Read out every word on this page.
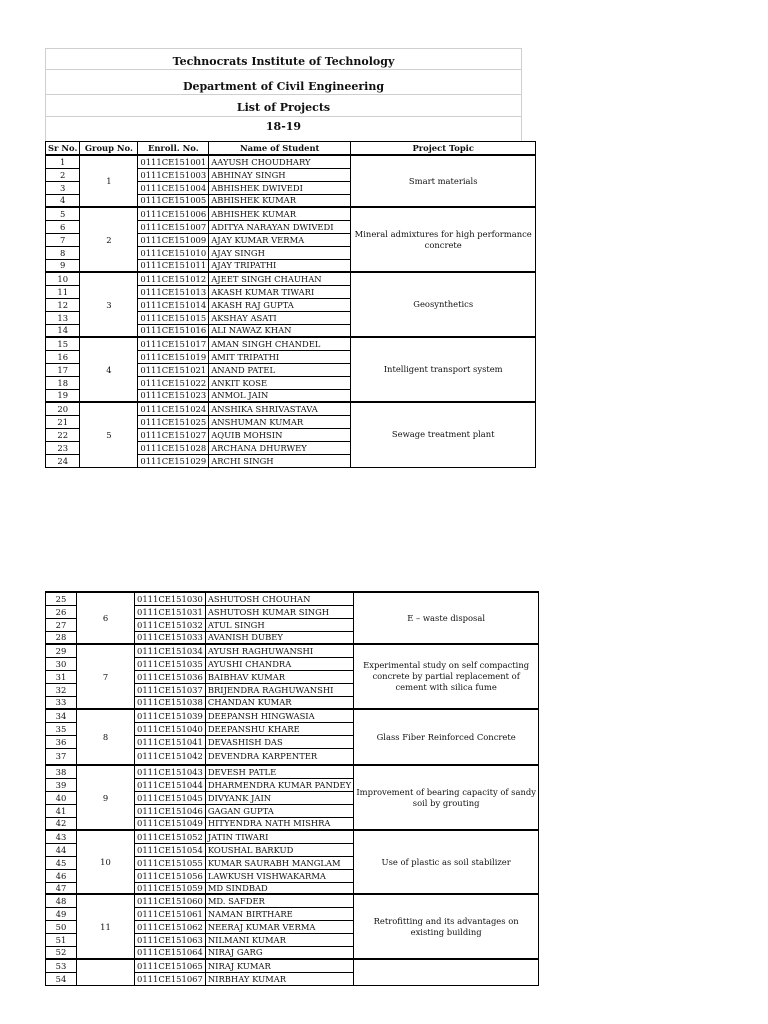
Technocrats Institute of Technology
Department of Civil Engineering
List of Projects
18-19
Sr No.	Group No.	Enroll. No.	Name of Student	Project Topic
1	1	0111CE151001	AAYUSH CHOUDHARY	Smart materials
2		0111CE151003	ABHINAY SINGH	
3		0111CE151004	ABHISHEK DWIVEDI	
4		0111CE151005	ABHISHEK KUMAR	
5	2	0111CE151006	ABHISHEK KUMAR	Mineral admixtures for high performance concrete
6		0111CE151007	ADITYA NARAYAN DWIVEDI	
7		0111CE151009	AJAY KUMAR VERMA	
8		0111CE151010	AJAY SINGH	
9		0111CE151011	AJAY TRIPATHI	
10	3	0111CE151012	AJEET SINGH CHAUHAN	Geosynthetics
11		0111CE151013	AKASH KUMAR TIWARI	
12		0111CE151014	AKASH RAJ GUPTA	
13		0111CE151015	AKSHAY ASATI	
14		0111CE151016	ALI NAWAZ KHAN	
15	4	0111CE151017	AMAN SINGH CHANDEL	Intelligent transport system
16		0111CE151019	AMIT TRIPATHI	
17		0111CE151021	ANAND PATEL	
18		0111CE151022	ANKIT KOSE	
19		0111CE151023	ANMOL JAIN	
20	5	0111CE151024	ANSHIKA SHRIVASTAVA	Sewage treatment plant
21		0111CE151025	ANSHUMAN KUMAR	
22		0111CE151027	AQUIB MOHSIN	
23		0111CE151028	ARCHANA DHURWEY	
24		0111CE151029	ARCHI SINGH	
25	6	0111CE151030	ASHUTOSH CHOUHAN	E – waste disposal
26		0111CE151031	ASHUTOSH KUMAR SINGH	
27		0111CE151032	ATUL SINGH	
28		0111CE151033	AVANISH DUBEY	
29	7	0111CE151034	AYUSH RAGHUWANSHI	Experimental study on self compacting concrete by partial replacement of cement with silica fume
30		0111CE151035	AYUSHI CHANDRA	
31		0111CE151036	BAIBHAV KUMAR	
32		0111CE151037	BRIJENDRA RAGHUWANSHI	
33		0111CE151038	CHANDAN KUMAR	
34	8	0111CE151039	DEEPANSH HINGWASIA	Glass Fiber Reinforced Concrete
35		0111CE151040	DEEPANSHU KHARE	
36		0111CE151041	DEVASHISH DAS	
37		0111CE151042	DEVENDRA KARPENTER	
38	9	0111CE151043	DEVESH PATLE	Improvement of bearing capacity of sandy soil by grouting
39		0111CE151044	DHARMENDRA KUMAR PANDEY	
40		0111CE151045	DIVYANK JAIN	
41		0111CE151046	GAGAN GUPTA	
42		0111CE151049	HITYENDRA NATH MISHRA	
43	10	0111CE151052	JATIN TIWARI	Use of plastic as soil stabilizer
44		0111CE151054	KOUSHAL BARKUD	
45		0111CE151055	KUMAR SAURABH MANGLAM	
46		0111CE151056	LAWKUSH VISHWAKARMA	
47		0111CE151059	MD SINDBAD	
48	11	0111CE151060	MD. SAFDER	Retrofitting and its advantages on existing building
49		0111CE151061	NAMAN BIRTHARE	
50		0111CE151062	NEERAJ KUMAR VERMA	
51		0111CE151063	NILMANI KUMAR	
52		0111CE151064	NIRAJ GARG	
53		0111CE151065	NIRAJ KUMAR	
54		0111CE151067	NIRBHAY KUMAR	
